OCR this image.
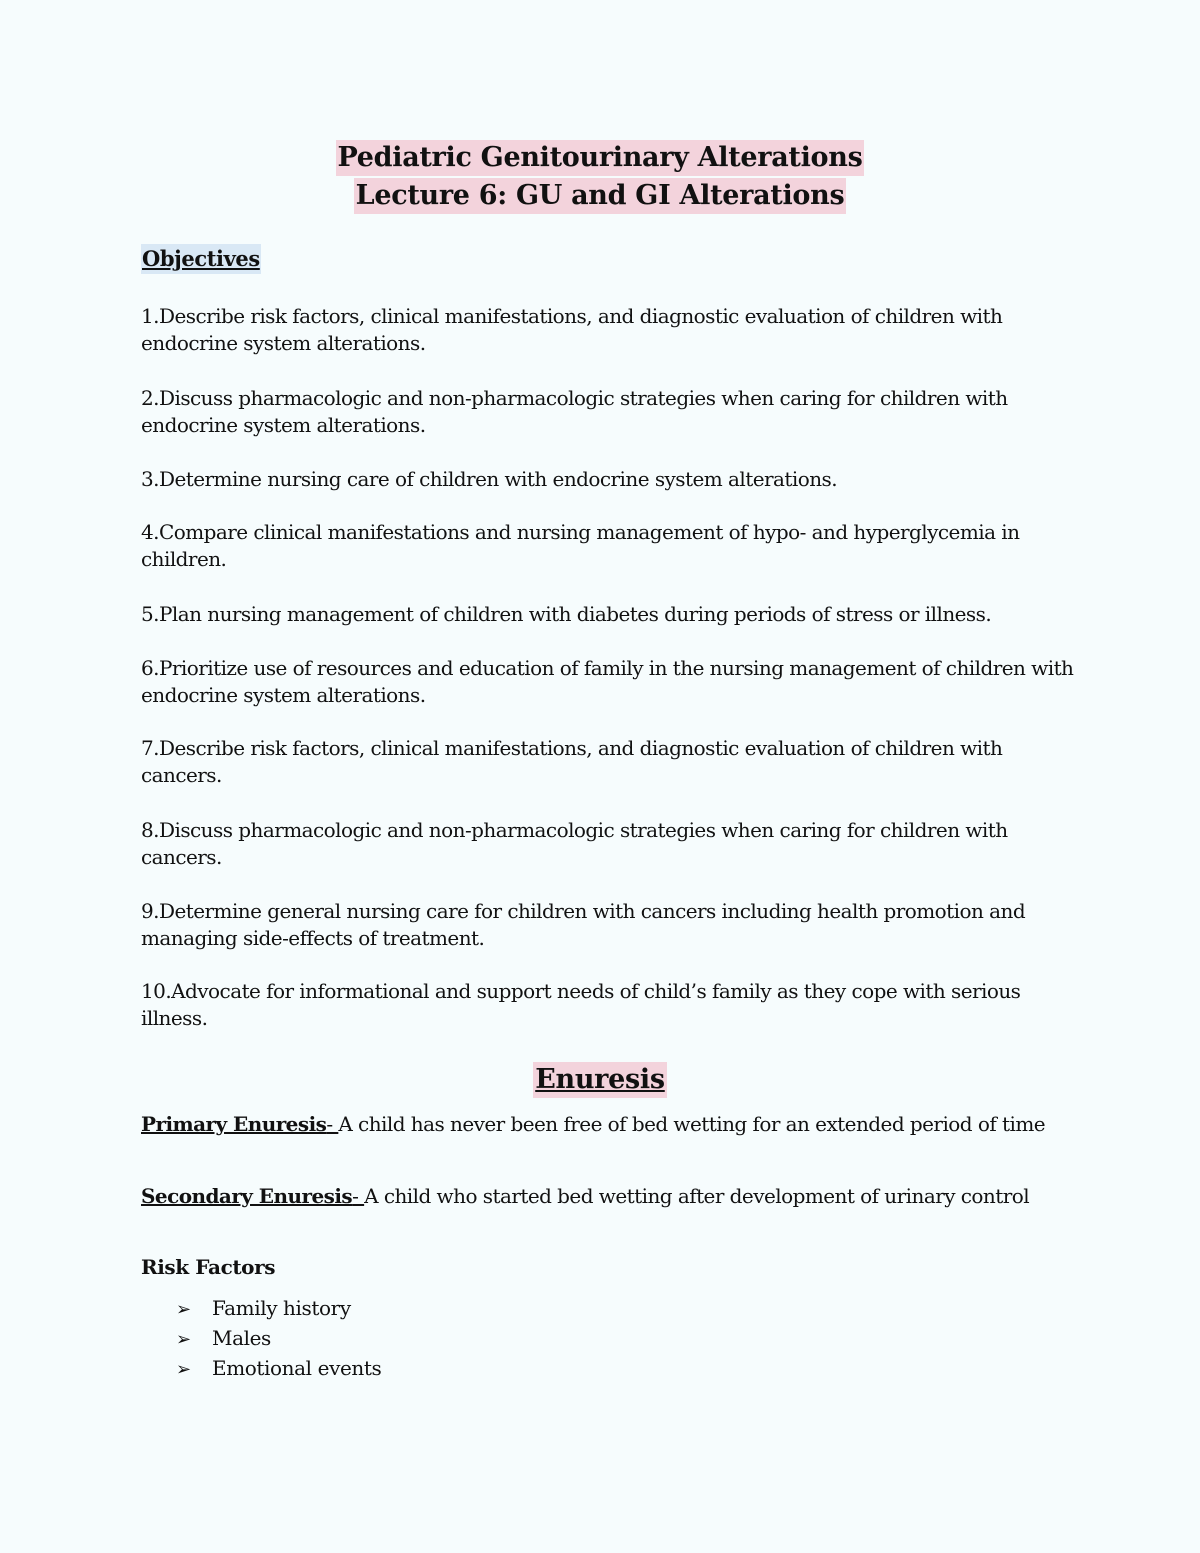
Pediatric Genitourinary Alterations
Lecture 6: GU and GI Alterations
Objectives
1.Describe risk factors, clinical manifestations, and diagnostic evaluation of children with endocrine system alterations.
2.Discuss pharmacologic and non-pharmacologic strategies when caring for children with endocrine system alterations.
3.Determine nursing care of children with endocrine system alterations.
4.Compare clinical manifestations and nursing management of hypo- and hyperglycemia in children.
5.Plan nursing management of children with diabetes during periods of stress or illness.
6.Prioritize use of resources and education of family in the nursing management of children with endocrine system alterations.
7.Describe risk factors, clinical manifestations, and diagnostic evaluation of children with cancers.
8.Discuss pharmacologic and non-pharmacologic strategies when caring for children with cancers.
9.Determine general nursing care for children with cancers including health promotion and managing side-effects of treatment.
10.Advocate for informational and support needs of child’s family as they cope with serious illness.
Enuresis
Primary Enuresis- A child has never been free of bed wetting for an extended period of time
Secondary Enuresis- A child who started bed wetting after development of urinary control
Risk Factors
➢ Family history
➢ Males
➢ Emotional events
